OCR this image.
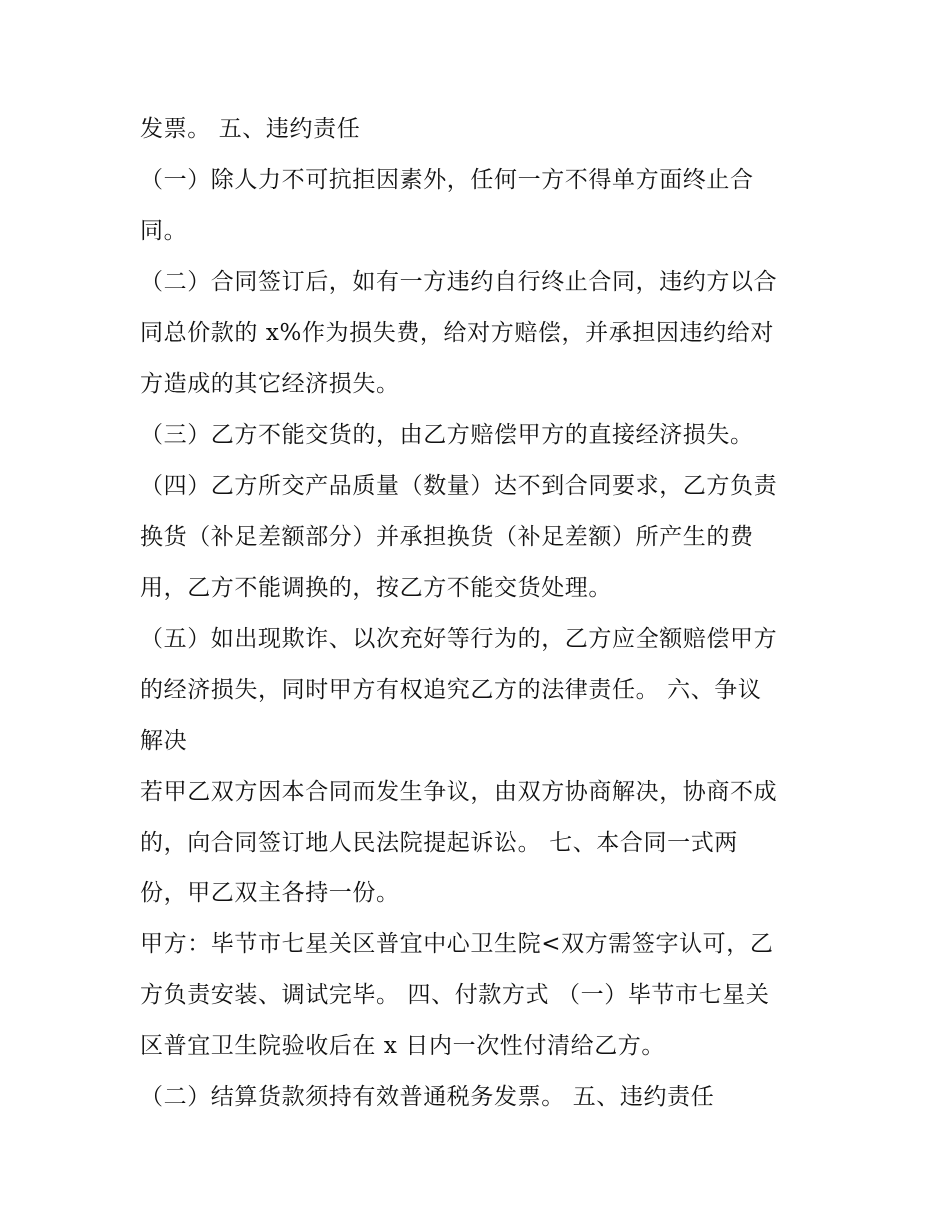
发票。 五、违约责任
（一）除人力不可抗拒因素外，任何一方不得单方面终止合
同。
（二）合同签订后，如有一方违约自行终止合同，违约方以合
同总价款的 x%作为损失费，给对方赔偿，并承担因违约给对
方造成的其它经济损失。
（三）乙方不能交货的，由乙方赔偿甲方的直接经济损失。
（四）乙方所交产品质量（数量）达不到合同要求，乙方负责
换货（补足差额部分）并承担换货（补足差额）所产生的费
用，乙方不能调换的，按乙方不能交货处理。
（五）如出现欺诈、以次充好等行为的，乙方应全额赔偿甲方
的经济损失，同时甲方有权追究乙方的法律责任。 六、争议
解决
若甲乙双方因本合同而发生争议，由双方协商解决，协商不成
的，向合同签订地人民法院提起诉讼。 七、本合同一式两
份，甲乙双主各持一份。
甲方：毕节市七星关区普宜中心卫生院<双方需签字认可，乙
方负责安装、调试完毕。 四、付款方式 （一）毕节市七星关
区普宜卫生院验收后在 x 日内一次性付清给乙方。
（二）结算货款须持有效普通税务发票。 五、违约责任
